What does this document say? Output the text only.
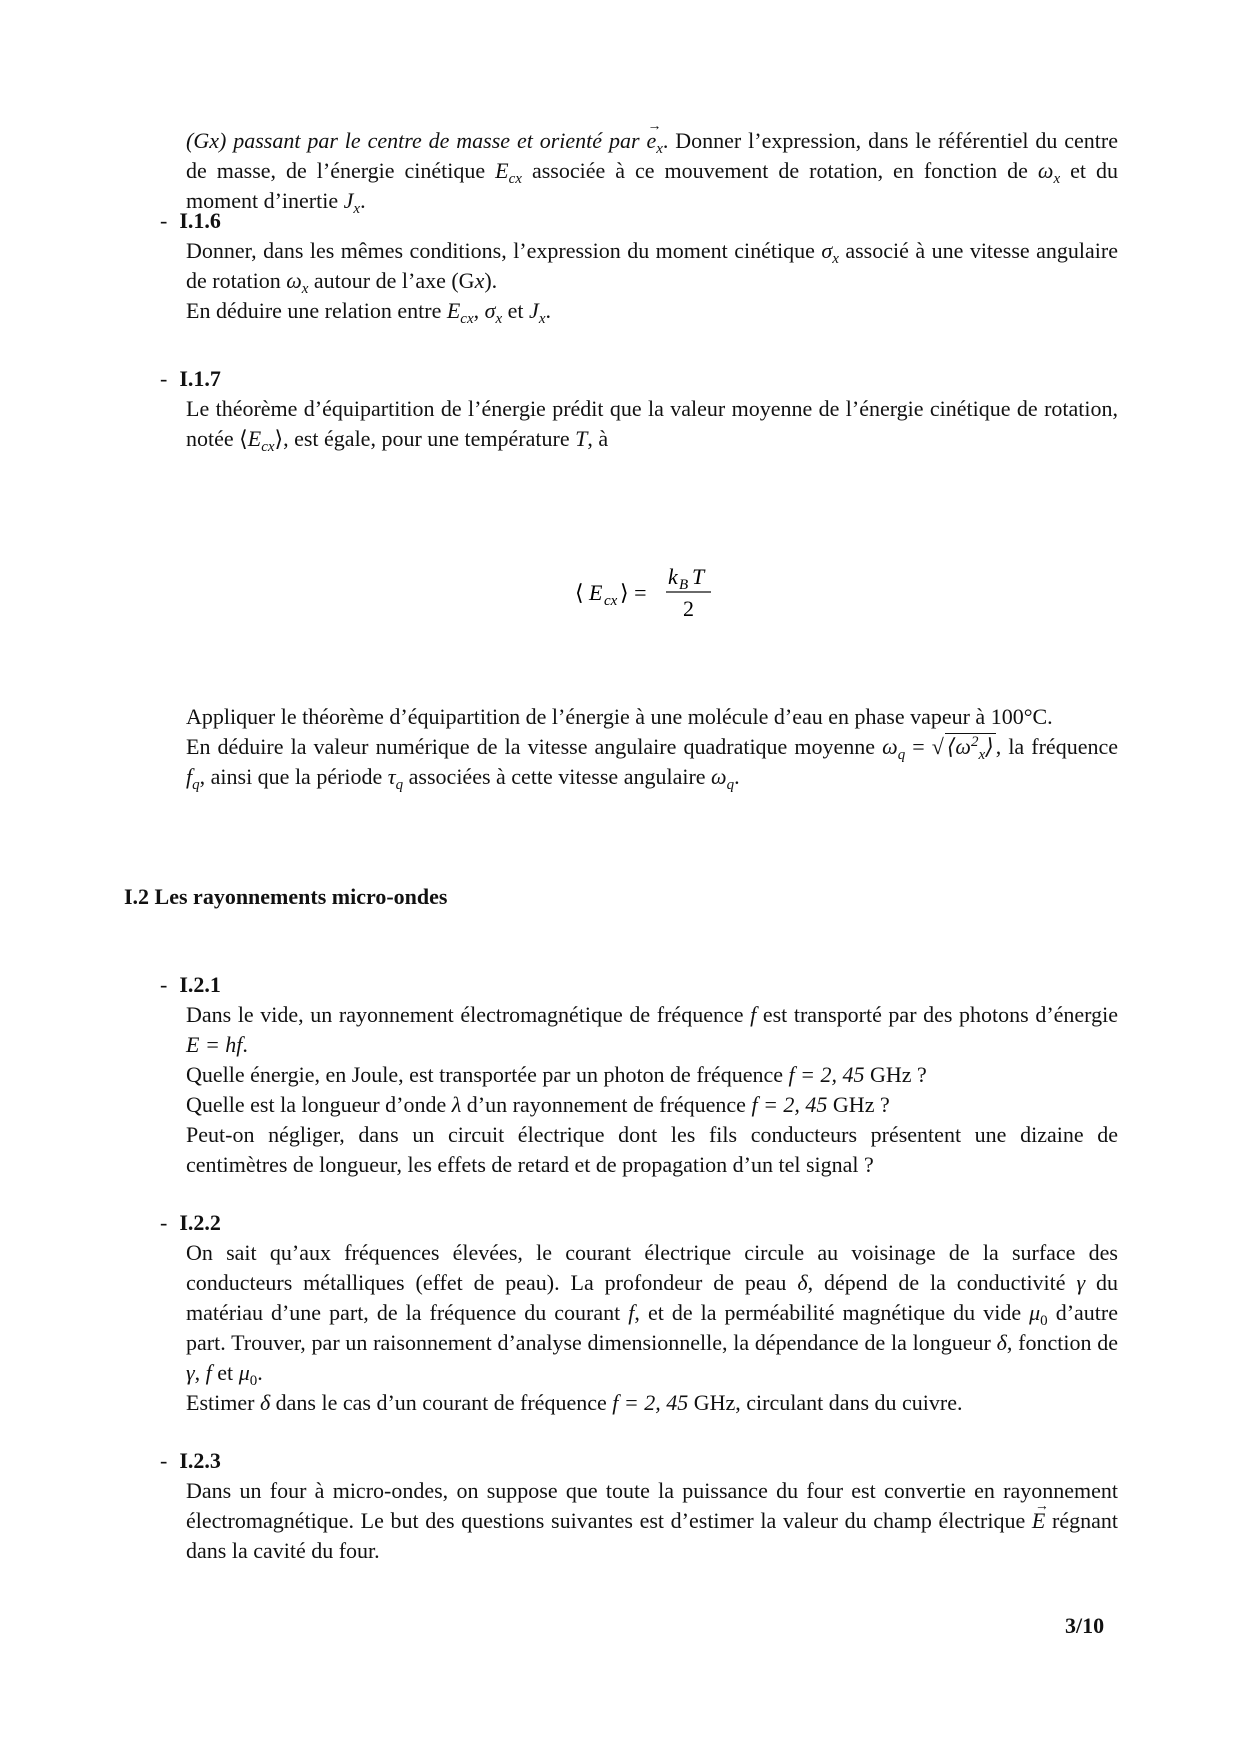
(Gx) passant par le centre de masse et orienté par → $e_x$. Donner l’expression, dans le référentiel du centre de masse, de l’énergie cinétique $E_{cx}$ associée à ce mouvement de rotation, en fonction de $\omega_x$ et du moment d’inertie $J_x$.

- I.1.6

Donner, dans les mêmes conditions, l’expression du moment cinétique $\sigma_x$ associé à une vitesse angulaire de rotation $\omega_x$ autour de l’axe (Gx).

En déduire une relation entre $E_{cx}$, $\sigma_x$ et $J_x$.

- I.1.7

Le théorème d’équipartition de l’énergie prédit que la valeur moyenne de l’énergie cinétique de rotation, notée $⟨E_{cx}⟩$, est égale, pour une température T, à

⟨ E cx ⟩ =
k B T
2

Appliquer le théorème d’équipartition de l’énergie à une molécule d’eau en phase vapeur à 100°C.

En déduire la valeur numérique de la vitesse angulaire quadratique moyenne $\omega_q$ = √ $⟨\omega^2_x⟩$, la fréquence $f_q$, ainsi que la période $\tau_q$ associées à cette vitesse angulaire $\omega_q$.

I.2 Les rayonnements micro-ondes
- I.2.1

Dans le vide, un rayonnement électromagnétique de fréquence f est transporté par des photons d’énergie E = hf.

Quelle énergie, en Joule, est transportée par un photon de fréquence f = 2, 45 GHz ?

Quelle est la longueur d’onde λ d’un rayonnement de fréquence f = 2, 45 GHz ?

Peut-on négliger, dans un circuit électrique dont les fils conducteurs présentent une dizaine de centimètres de longueur, les effets de retard et de propagation d’un tel signal ?

- I.2.2

On sait qu’aux fréquences élevées, le courant électrique circule au voisinage de la surface des conducteurs métalliques (effet de peau). La profondeur de peau δ, dépend de la conductivité γ du matériau d’une part, de la fréquence du courant f, et de la perméabilité magnétique du vide $\mu_0$ d’autre part. Trouver, par un raisonnement d’analyse dimensionnelle, la dépendance de la longueur δ, fonction de γ, f et $\mu_0$.

Estimer δ dans le cas d’un courant de fréquence f = 2, 45 GHz, circulant dans du cuivre.

- I.2.3

Dans un four à micro-ondes, on suppose que toute la puissance du four est convertie en rayonnement électromagnétique. Le but des questions suivantes est d’estimer la valeur du champ électrique → E régnant dans la cavité du four.

3/10
